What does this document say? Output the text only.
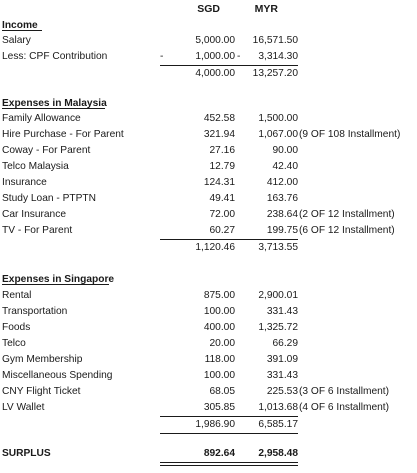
SGD	MYR
Income
Salary	5,000.00	16,571.50
Less: CPF Contribution	-	1,000.00 -	3,314.30
4,000.00	13,257.20
Expenses in Malaysia
Family Allowance	452.58	1,500.00
Hire Purchase - For Parent	321.94	1,067.00 (9 OF 108 Installment)
Coway - For Parent	27.16	90.00
Telco Malaysia	12.79	42.40
Insurance	124.31	412.00
Study Loan - PTPTN	49.41	163.76
Car Insurance	72.00	238.64 (2 OF 12 Installment)
TV - For Parent	60.27	199.75 (6 OF 12 Installment)
1,120.46	3,713.55
Expenses in Singapore
Rental	875.00	2,900.01
Transportation	100.00	331.43
Foods	400.00	1,325.72
Telco	20.00	66.29
Gym Membership	118.00	391.09
Miscellaneous Spending	100.00	331.43
CNY Flight Ticket	68.05	225.53 (3 OF 6 Installment)
LV Wallet	305.85	1,013.68 (4 OF 6 Installment)
1,986.90	6,585.17
SURPLUS	892.64	2,958.48
